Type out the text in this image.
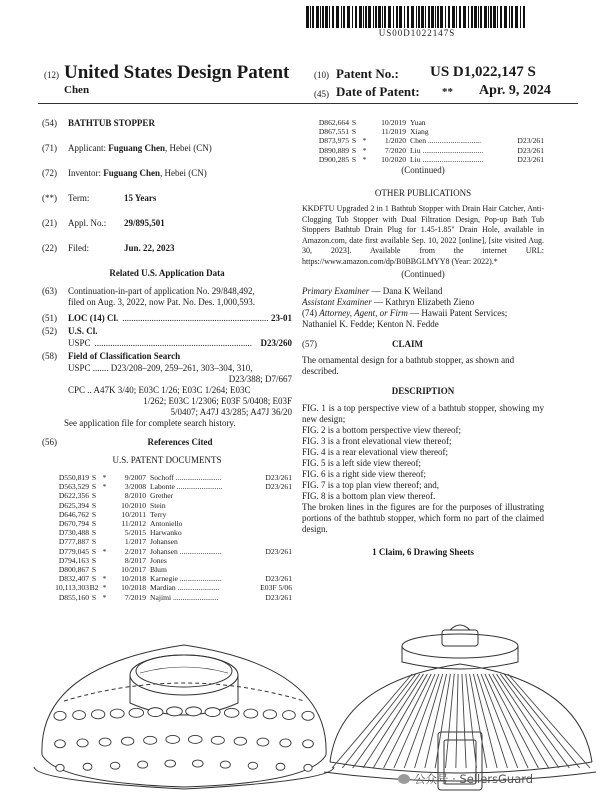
US00D1022147S
(12) United States Design Patent
Chen
(10) Patent No.: US D1,022,147 S
(45) Date of Patent: ** Apr. 9, 2024
(54)	BATHTUB STOPPER
(71)	Applicant:
Fuguang Chen , Hebei (CN)
(72)	Inventor:
Fuguang Chen , Hebei (CN)
(**)	Term:	15 Years
(21)	Appl. No.:	29/895,501
(22)	Filed:	Jun. 22, 2023
Related U.S. Application Data
(63)	Continuation-in-part of application No. 29/848,492,
filed on Aug. 3, 2022, now Pat. No. Des. 1,000,593.
(51)	LOC (14) Cl. ................................................................. 23-01
(52)	U.S. Cl.
USPC ...................................................................... D23/260
(58)	Field of Classification Search
USPC ....... D23/208–209, 259–261, 303–304, 310,
D23/388; D7/667
CPC .. A47K 3/40; E03C 1/26; E03C 1/264; E03C
1/262; E03C 1/2306; E03F 5/0408; E03F
5/0407; A47J 43/285; A47J 36/20
See application file for complete search history.
(56)	References Cited
U.S. PATENT DOCUMENTS
D550,819 S *	9/2007 Sochoff ........................	D23/261
D563,529 S *	3/2008 Labonte ........................	D23/261
D622,356 S	8/2010 Grether
D625,394 S	10/2010 Stein
D646,762 S	10/2011 Terry
D670,794 S	11/2012 Antoniello
D730,488 S	5/2015 Harwanko
D777,887 S	1/2017 Johansen
D779,045 S *	2/2017 Johansen ......................	D23/261
D794,163 S	8/2017 Jones
D800,867 S	10/2017 Blum
D832,407 S *	10/2018 Karnegie ......................	D23/261
10,113,303 B2 *	10/2018 Mardian ......................	E03F 5/06
D855,160 S *	7/2019 Najimi ........................	D23/261
D862,664 S	10/2019 Yuan
D867,551 S	11/2019 Xiang
D873,975 S *	1/2020 Chen ............................	D23/261
D890,889 S *	7/2020 Liu ................................	D23/261
D900,285 S *	10/2020 Liu ................................	D23/261
(Continued)
OTHER PUBLICATIONS

KKDFTU Upgraded 2 in 1 Bathtub Stopper with Drain Hair Catcher, Anti-Clogging Tub Stopper with Dual Filtration Design, Pop-up Bath Tub Stoppers Bathtub Drain Plug for 1.45-1.85" Drain Hole, available in Amazon.com, date first available Sep. 10, 2022 [online], [site visited Aug. 30, 2023]. Available from the internet URL: https://www.amazon.com/dp/B0BBGLMYY8 (Year: 2022).*

(Continued)
Primary Examiner — Dana K Weiland
Assistant Examiner — Kathryn Elizabeth Zieno
(74) Attorney, Agent, or Firm — Hawaii Patent Services;
Nathaniel K. Fedde; Kenton N. Fedde
(57)	CLAIM

The ornamental design for a bathtub stopper, as shown and described.

DESCRIPTION

FIG. 1 is a top perspective view of a bathtub stopper, showing my new design;

FIG. 2 is a bottom perspective view thereof;

FIG. 3 is a front elevational view thereof;

FIG. 4 is a rear elevational view thereof;

FIG. 5 is a left side view thereof;

FIG. 6 is a right side view thereof;

FIG. 7 is a top plan view thereof; and,

FIG. 8 is a bottom plan view thereof.

The broken lines in the figures are for the purposes of illustrating portions of the bathtub stopper, which form no part of the claimed design.

1 Claim, 6 Drawing Sheets
公众号 · SellersGuard
